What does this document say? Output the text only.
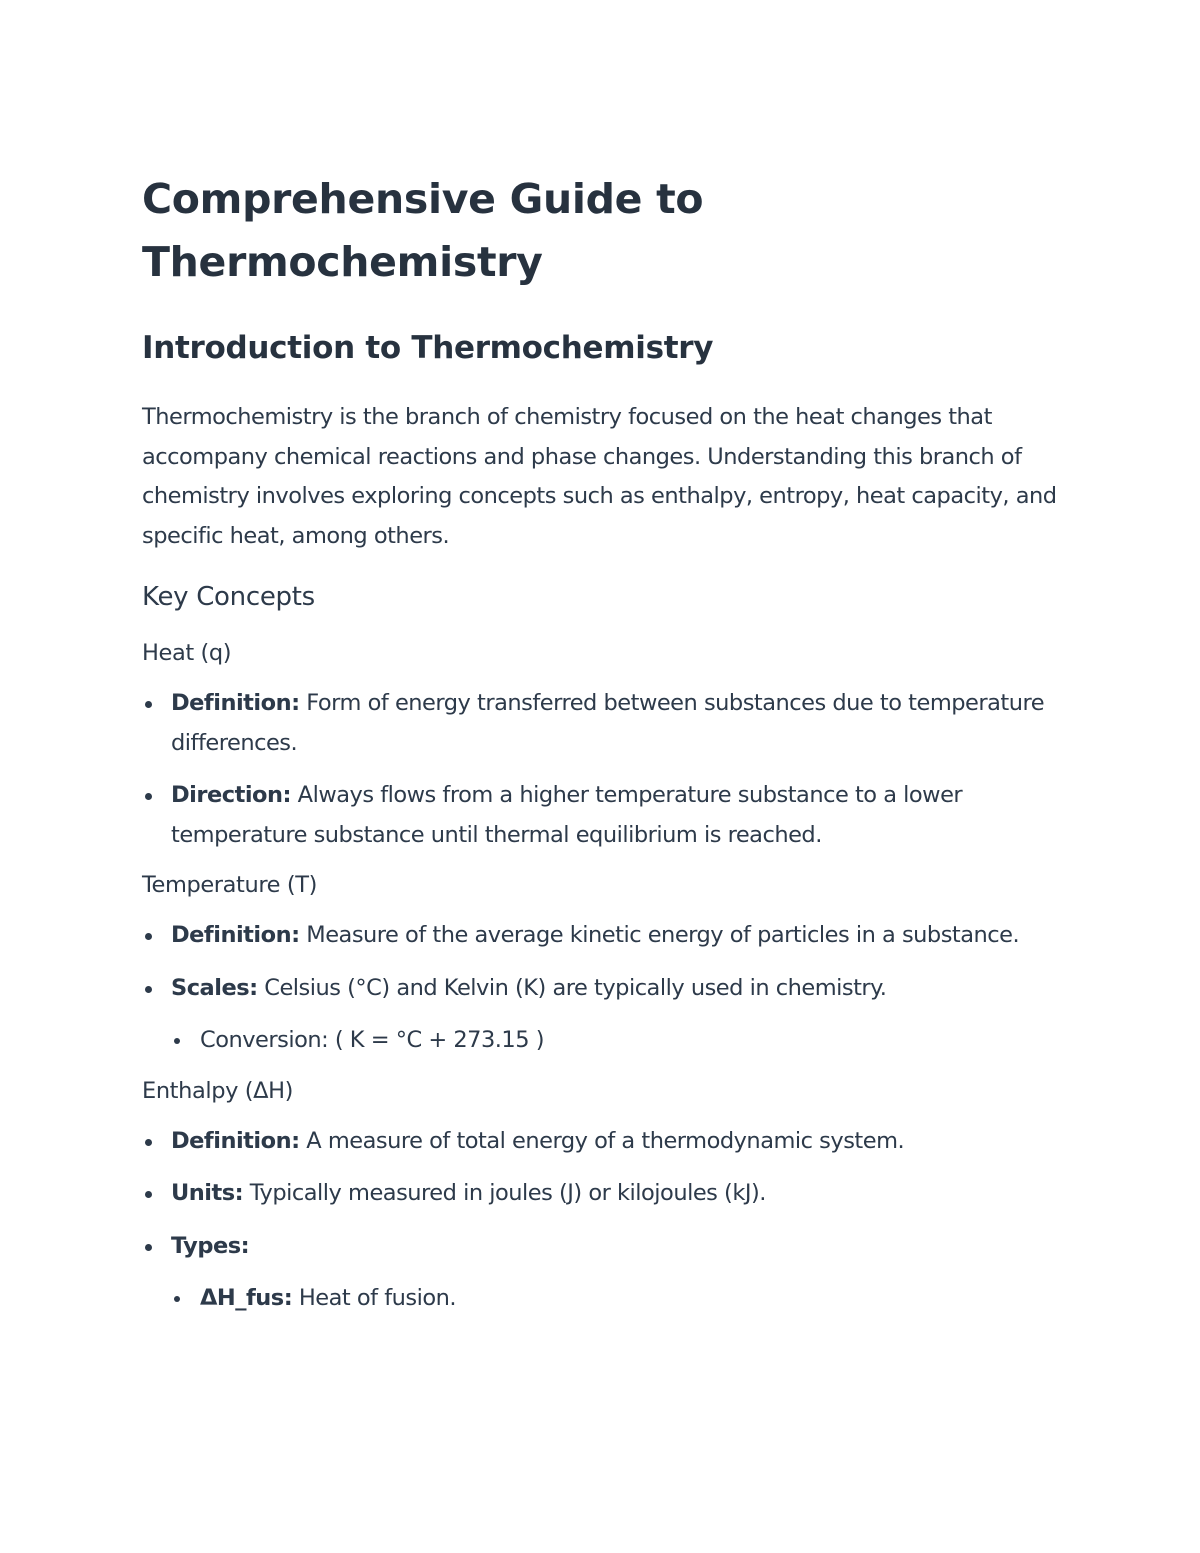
Comprehensive Guide to Thermochemistry
Introduction to Thermochemistry

Thermochemistry is the branch of chemistry focused on the heat changes that accompany chemical reactions and phase changes. Understanding this branch of chemistry involves exploring concepts such as enthalpy, entropy, heat capacity, and specific heat, among others.

Key Concepts
Heat (q)
Definition: Form of energy transferred between substances due to temperature differences.
Direction: Always flows from a higher temperature substance to a lower temperature substance until thermal equilibrium is reached.
Temperature (T)
Definition: Measure of the average kinetic energy of particles in a substance.
Scales: Celsius (°C) and Kelvin (K) are typically used in chemistry.
Conversion: ( K = °C + 273.15 )
Enthalpy (ΔH)
Definition: A measure of total energy of a thermodynamic system.
Units: Typically measured in joules (J) or kilojoules (kJ).
Types:
ΔH_fus: Heat of fusion.
